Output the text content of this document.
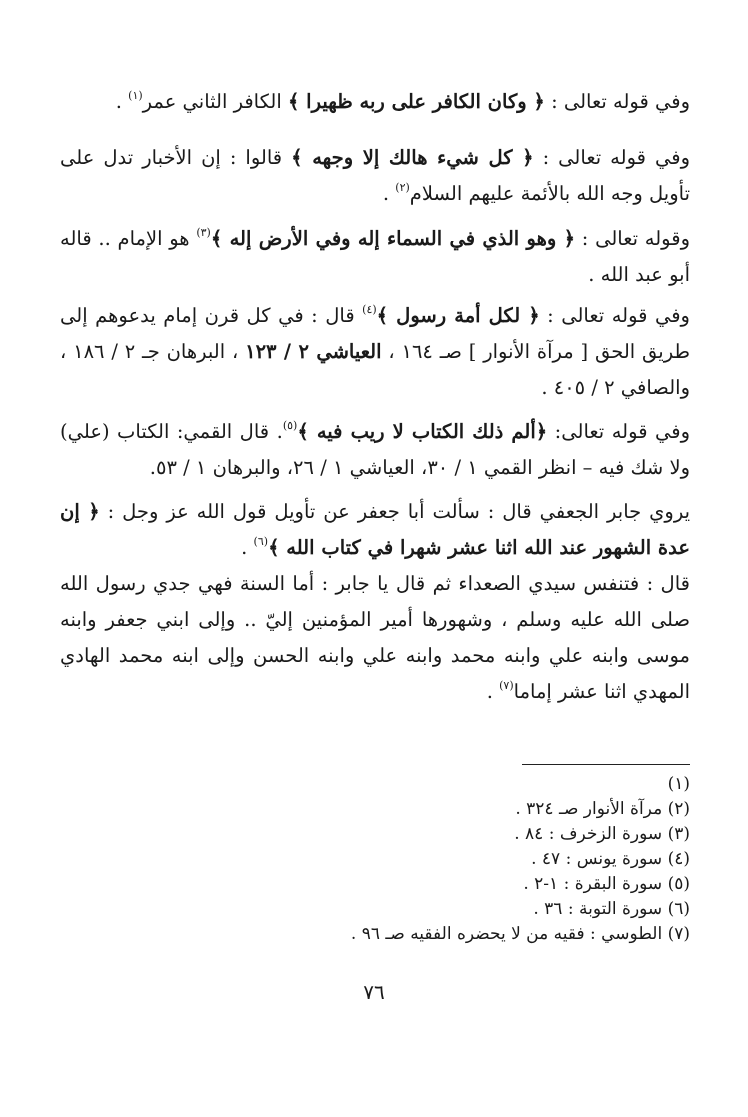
وفي قوله تعالى : ﴿ وكان الكافر على ربه ظهيرا ﴾ الكافر الثاني عمر$^{(١)}$ .
وفي قوله تعالى : ﴿ كل شيء هالك إلا وجهه ﴾ قالوا : إن الأخبار تدل على تأويل وجه الله بالأئمة عليهم السلام$^{(٢)}$ .
وقوله تعالى : ﴿ وهو الذي في السماء إله وفي الأرض إله ﴾$^{(٣)}$ هو الإمام .. قاله أبو عبد الله .
وفي قوله تعالى : ﴿ لكل أمة رسول ﴾$^{(٤)}$ قال : في كل قرن إمام يدعوهم إلى طريق الحق [ مرآة الأنوار ] صـ ١٦٤ ، العياشي ٢ / ١٢٣ ، البرهان جـ ٢ / ١٨٦ ، والصافي ٢ / ٤٠٥ .
وفي قوله تعالى: ﴿ألم ذلك الكتاب لا ريب فيه ﴾$^{(٥)}$. قال القمي: الكتاب (علي) ولا شك فيه – انظر القمي ١ / ٣٠، العياشي ١ / ٢٦، والبرهان ١ / ٥٣.
يروي جابر الجعفي قال : سألت أبا جعفر عن تأويل قول الله عز وجل : ﴿ إن عدة الشهور عند الله اثنا عشر شهرا في كتاب الله ﴾$^{(٦)}$ .
قال : فتنفس سيدي الصعداء ثم قال يا جابر : أما السنة فهي جدي رسول الله صلى الله عليه وسلم ، وشهورها أمير المؤمنين إليّ .. وإلى ابني جعفر وابنه موسى وابنه علي وابنه محمد وابنه علي وابنه الحسن وإلى ابنه محمد الهادي المهدي اثنا عشر إماما$^{(٧)}$ .
(١)
(٢) مرآة الأنوار صـ ٣٢٤ .
(٣) سورة الزخرف : ٨٤ .
(٤) سورة يونس : ٤٧ .
(٥) سورة البقرة : ١-٢ .
(٦) سورة التوبة : ٣٦ .
(٧) الطوسي : فقيه من لا يحضره الفقيه صـ ٩٦ .
٧٦
